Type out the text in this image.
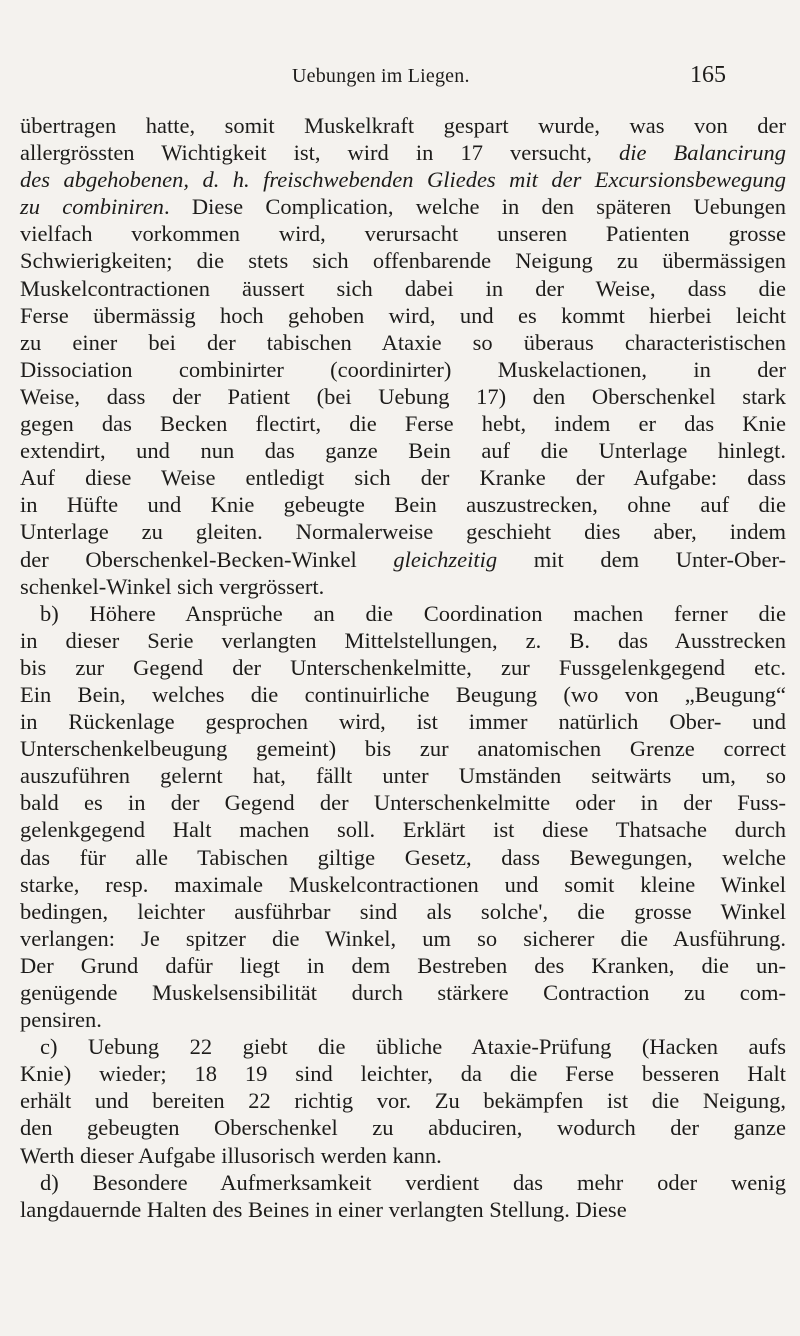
Uebungen im Liegen.	165
übertragen hatte, somit Muskelkraft gespart wurde, was von der
allergrössten Wichtigkeit ist, wird in 17 versucht, die Balancirung
des abgehobenen, d. h. freischwebenden Gliedes mit der Excursionsbewegung
zu combiniren. Diese Complication, welche in den späteren Uebungen
vielfach vorkommen wird, verursacht unseren Patienten grosse
Schwierigkeiten; die stets sich offenbarende Neigung zu übermässigen
Muskelcontractionen äussert sich dabei in der Weise, dass die
Ferse übermässig hoch gehoben wird, und es kommt hierbei leicht
zu einer bei der tabischen Ataxie so überaus characteristischen
Dissociation combinirter (coordinirter) Muskelactionen, in der
Weise, dass der Patient (bei Uebung 17) den Oberschenkel stark
gegen das Becken flectirt, die Ferse hebt, indem er das Knie
extendirt, und nun das ganze Bein auf die Unterlage hinlegt.
Auf diese Weise entledigt sich der Kranke der Aufgabe: dass
in Hüfte und Knie gebeugte Bein auszustrecken, ohne auf die
Unterlage zu gleiten. Normalerweise geschieht dies aber, indem
der Oberschenkel-Becken-Winkel gleichzeitig mit dem Unter-Ober-
schenkel-Winkel sich vergrössert.
b) Höhere Ansprüche an die Coordination machen ferner die
in dieser Serie verlangten Mittelstellungen, z. B. das Ausstrecken
bis zur Gegend der Unterschenkelmitte, zur Fussgelenkgegend etc.
Ein Bein, welches die continuirliche Beugung (wo von „Beugung“
in Rückenlage gesprochen wird, ist immer natürlich Ober- und
Unterschenkelbeugung gemeint) bis zur anatomischen Grenze correct
auszuführen gelernt hat, fällt unter Umständen seitwärts um, so
bald es in der Gegend der Unterschenkelmitte oder in der Fuss-
gelenkgegend Halt machen soll. Erklärt ist diese Thatsache durch
das für alle Tabischen giltige Gesetz, dass Bewegungen, welche
starke, resp. maximale Muskelcontractionen und somit kleine Winkel
bedingen, leichter ausführbar sind als solche', die grosse Winkel
verlangen: Je spitzer die Winkel, um so sicherer die Ausführung.
Der Grund dafür liegt in dem Bestreben des Kranken, die un-
genügende Muskelsensibilität durch stärkere Contraction zu com-
pensiren.
c) Uebung 22 giebt die übliche Ataxie-Prüfung (Hacken aufs
Knie) wieder; 18 19 sind leichter, da die Ferse besseren Halt
erhält und bereiten 22 richtig vor. Zu bekämpfen ist die Neigung,
den gebeugten Oberschenkel zu abduciren, wodurch der ganze
Werth dieser Aufgabe illusorisch werden kann.
d) Besondere Aufmerksamkeit verdient das mehr oder wenig
langdauernde Halten des Beines in einer verlangten Stellung. Diese
